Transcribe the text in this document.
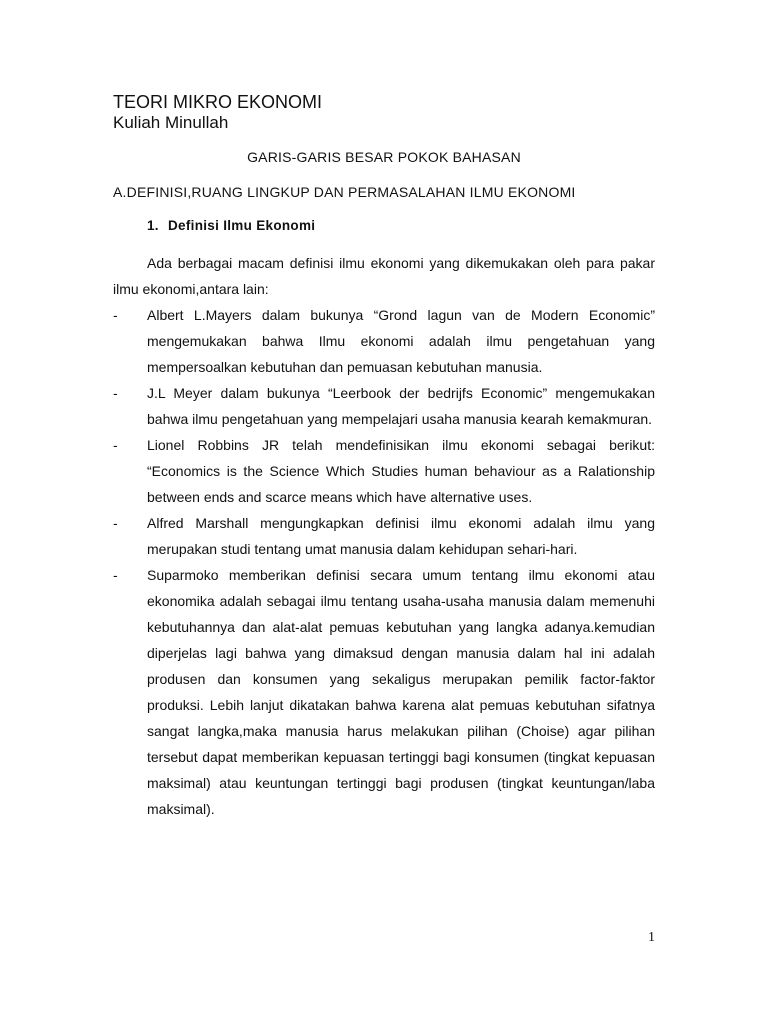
TEORI MIKRO EKONOMI
Kuliah Minullah
GARIS-GARIS BESAR POKOK BAHASAN
A.DEFINISI,RUANG LINGKUP DAN PERMASALAHAN ILMU EKONOMI
1. Definisi Ilmu Ekonomi

Ada berbagai macam definisi ilmu ekonomi yang dikemukakan oleh para pakar ilmu ekonomi,antara lain:

- Albert L.Mayers dalam bukunya “Grond lagun van de Modern Economic” mengemukakan bahwa Ilmu ekonomi adalah ilmu pengetahuan yang mempersoalkan kebutuhan dan pemuasan kebutuhan manusia.
- J.L Meyer dalam bukunya “Leerbook der bedrijfs Economic” mengemukakan bahwa ilmu pengetahuan yang mempelajari usaha manusia kearah kemakmuran.
- Lionel Robbins JR telah mendefinisikan ilmu ekonomi sebagai berikut: “Economics is the Science Which Studies human behaviour as a Ralationship between ends and scarce means which have alternative uses.
- Alfred Marshall mengungkapkan definisi ilmu ekonomi adalah ilmu yang merupakan studi tentang umat manusia dalam kehidupan sehari-hari.
- Suparmoko memberikan definisi secara umum tentang ilmu ekonomi atau ekonomika adalah sebagai ilmu tentang usaha-usaha manusia dalam memenuhi kebutuhannya dan alat-alat pemuas kebutuhan yang langka adanya.kemudian diperjelas lagi bahwa yang dimaksud dengan manusia dalam hal ini adalah produsen dan konsumen yang sekaligus merupakan pemilik factor-faktor produksi. Lebih lanjut dikatakan bahwa karena alat pemuas kebutuhan sifatnya sangat langka,maka manusia harus melakukan pilihan (Choise) agar pilihan tersebut dapat memberikan kepuasan tertinggi bagi konsumen (tingkat kepuasan maksimal) atau keuntungan tertinggi bagi produsen (tingkat keuntungan/laba maksimal).
1
